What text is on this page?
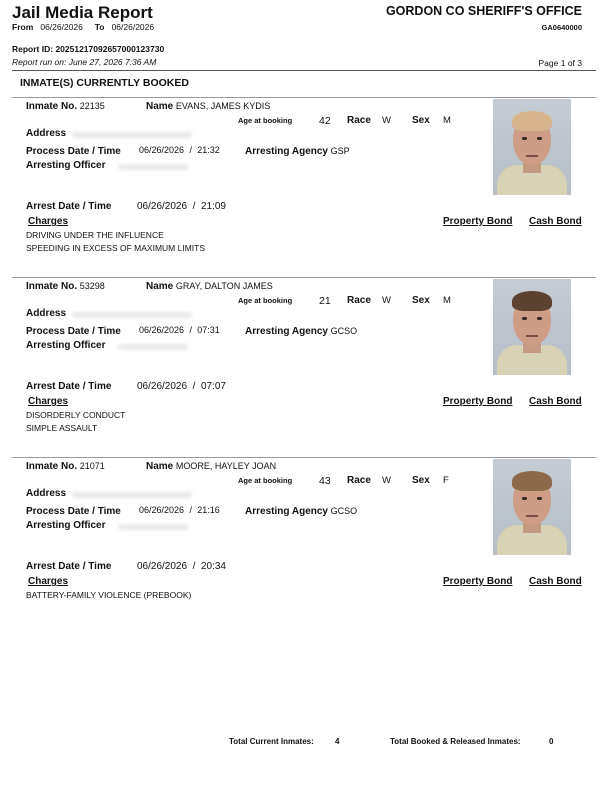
Jail Media Report
From 06/26/2026 To 06/26/2026
GORDON CO SHERIFF'S OFFICE
GA0640000
Report ID: 20251217092657000123730
Report run on: June 27, 2026 7:36 AM	Page 1 of 3
INMATE(S) CURRENTLY BOOKED
Inmate No. 22135	Name EVANS, JAMES KYDIS
Age at booking	42 Race W Sex M
Address
Process Date / Time 06/26/2026  /  21:32	Arresting Agency GSP
Arresting Officer
Arrest Date / Time	06/26/2026  /  21:09
Charges	Property Bond Cash Bond
DRIVING UNDER THE INFLUENCE
SPEEDING IN EXCESS OF MAXIMUM LIMITS
Inmate No. 53298	Name GRAY, DALTON JAMES
Age at booking	21 Race W Sex M
Address
Process Date / Time 06/26/2026  /  07:31	Arresting Agency GCSO
Arresting Officer
Arrest Date / Time	06/26/2026  /  07:07
Charges	Property Bond Cash Bond
DISORDERLY CONDUCT
SIMPLE ASSAULT
Inmate No. 21071	Name MOORE, HAYLEY JOAN
Age at booking	43 Race W Sex F
Address
Process Date / Time 06/26/2026  /  21:16	Arresting Agency GCSO
Arresting Officer
Arrest Date / Time	06/26/2026  /  20:34
Charges	Property Bond Cash Bond
BATTERY-FAMILY VIOLENCE (PREBOOK)
Total Current Inmates:	4	Total Booked & Released Inmates:	0
